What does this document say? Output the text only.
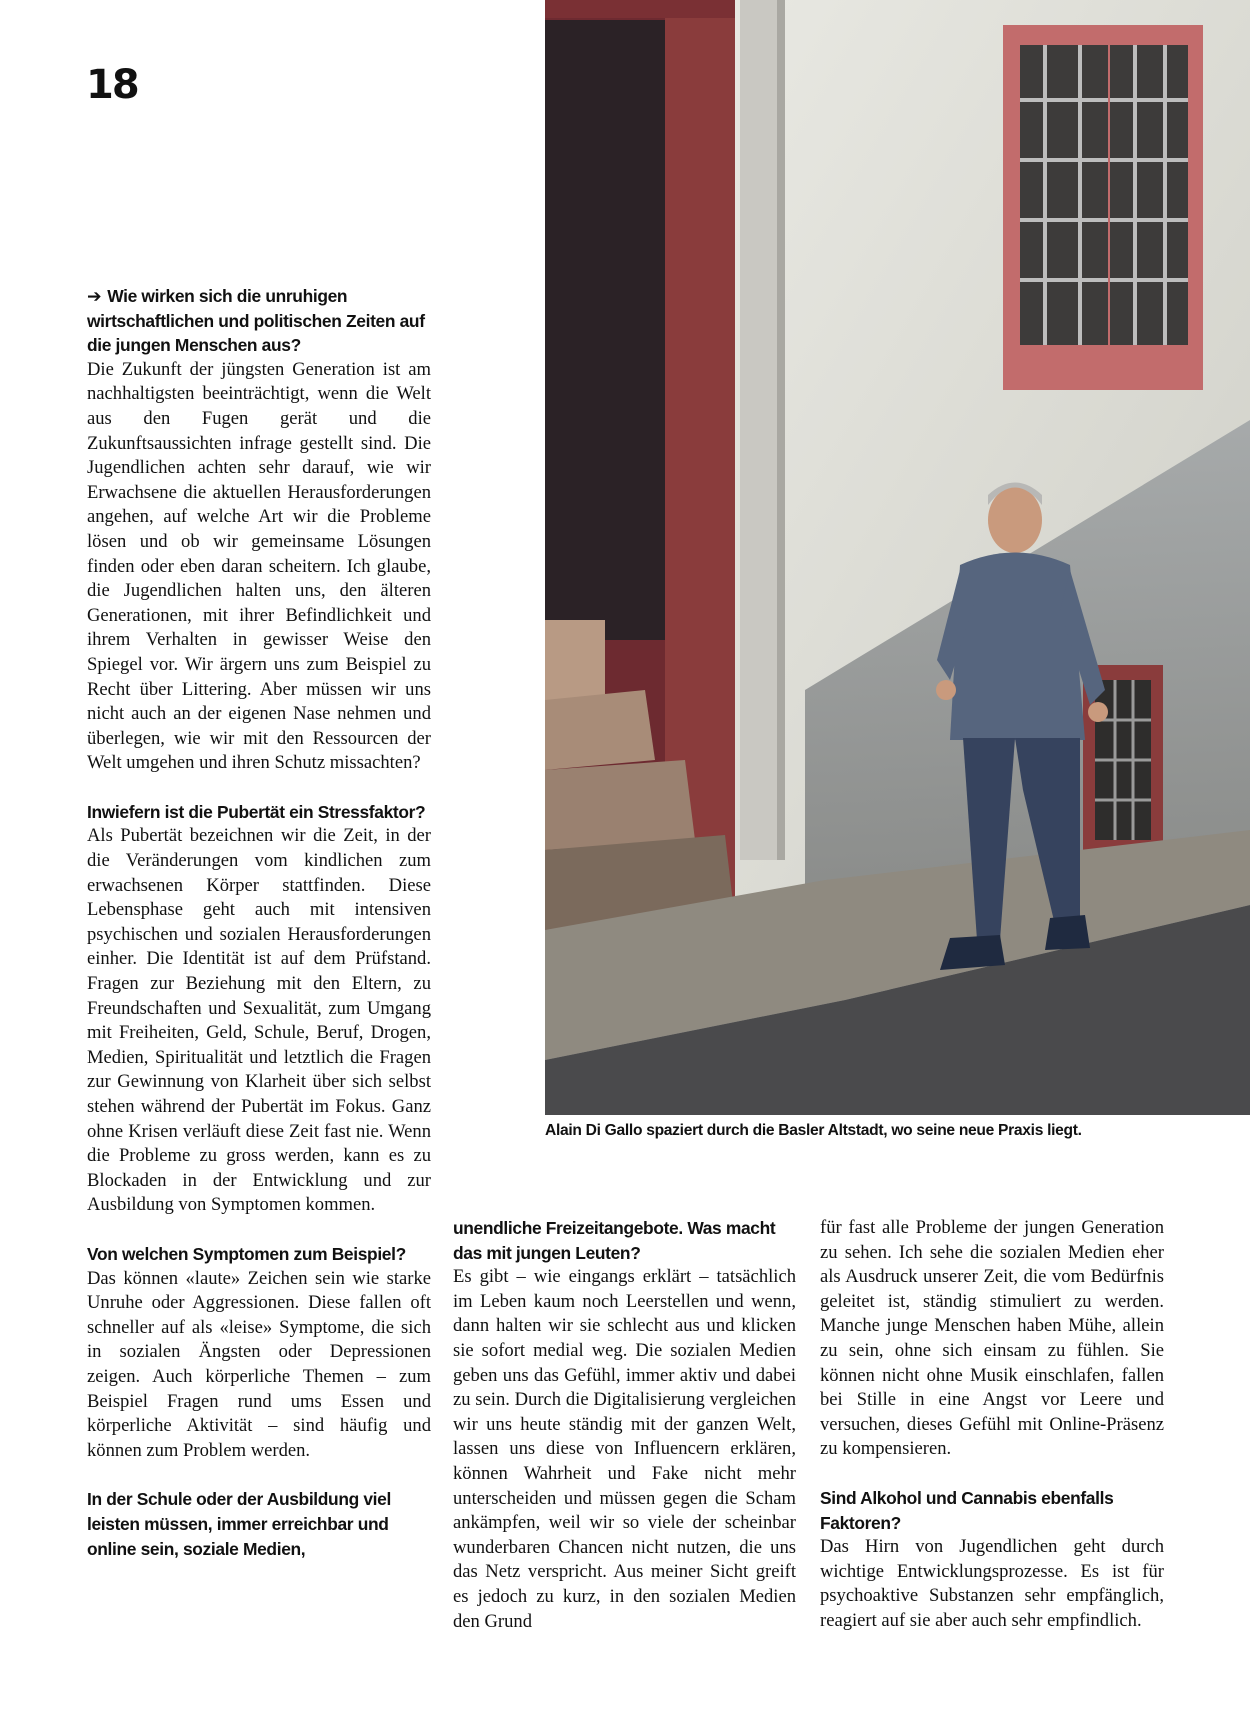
18
➔ Wie wirken sich die unruhigen wirtschaftlichen und politischen Zeiten auf die jungen Menschen aus?

Die Zukunft der jüngsten Generation ist am nachhaltigsten beeinträchtigt, wenn die Welt aus den Fugen gerät und die Zukunftsaussichten infrage gestellt sind. Die Jugendlichen achten sehr darauf, wie wir Erwachsene die aktuellen Herausforderungen angehen, auf welche Art wir die Probleme lösen und ob wir gemeinsame Lösungen finden oder eben daran scheitern. Ich glaube, die Jugendlichen halten uns, den älteren Generationen, mit ihrer Befindlichkeit und ihrem Verhalten in gewisser Weise den Spiegel vor. Wir ärgern uns zum Beispiel zu Recht über Littering. Aber müssen wir uns nicht auch an der eigenen Nase nehmen und überlegen, wie wir mit den Ressourcen der Welt umgehen und ihren Schutz missachten?

Inwiefern ist die Pubertät ein Stressfaktor?

Als Pubertät bezeichnen wir die Zeit, in der die Veränderungen vom kindlichen zum erwachsenen Körper stattfinden. Diese Lebensphase geht auch mit intensiven psychischen und sozialen Herausforderungen einher. Die Identität ist auf dem Prüfstand. Fragen zur Beziehung mit den Eltern, zu Freundschaften und Sexualität, zum Umgang mit Freiheiten, Geld, Schule, Beruf, Drogen, Medien, Spiritualität und letztlich die Fragen zur Gewinnung von Klarheit über sich selbst stehen während der Pubertät im Fokus. Ganz ohne Krisen verläuft diese Zeit fast nie. Wenn die Probleme zu gross werden, kann es zu Blockaden in der Entwicklung und zur Ausbildung von Symptomen kommen.

Von welchen Symptomen zum Beispiel?

Das können «laute» Zeichen sein wie starke Unruhe oder Aggressionen. Diese fallen oft schneller auf als «leise» Symptome, die sich in sozialen Ängsten oder Depressionen zeigen. Auch körperliche Themen – zum Beispiel Fragen rund ums Essen und körperliche Aktivität – sind häufig und können zum Problem werden.

In der Schule oder der Ausbildung viel leisten müssen, immer erreichbar und online sein, soziale Medien,
Alain Di Gallo spaziert durch die Basler Altstadt, wo seine neue Praxis liegt.
unendliche Freizeitangebote. Was macht das mit jungen Leuten?

Es gibt – wie eingangs erklärt – tatsächlich im Leben kaum noch Leerstellen und wenn, dann halten wir sie schlecht aus und klicken sie sofort medial weg. Die sozialen Medien geben uns das Gefühl, immer aktiv und dabei zu sein. Durch die Digitalisierung vergleichen wir uns heute ständig mit der ganzen Welt, lassen uns diese von Influencern erklären, können Wahrheit und Fake nicht mehr unterscheiden und müssen gegen die Scham ankämpfen, weil wir so viele der scheinbar wunderbaren Chancen nicht nutzen, die uns das Netz verspricht. Aus meiner Sicht greift es jedoch zu kurz, in den sozialen Medien den Grund

für fast alle Probleme der jungen Generation zu sehen. Ich sehe die sozialen Medien eher als Ausdruck unserer Zeit, die vom Bedürfnis geleitet ist, ständig stimuliert zu werden. Manche junge Menschen haben Mühe, allein zu sein, ohne sich einsam zu fühlen. Sie können nicht ohne Musik einschlafen, fallen bei Stille in eine Angst vor Leere und versuchen, dieses Gefühl mit Online-Präsenz zu kompensieren.

Sind Alkohol und Cannabis ebenfalls Faktoren?

Das Hirn von Jugendlichen geht durch wichtige Entwicklungsprozesse. Es ist für psychoaktive Substanzen sehr empfänglich, reagiert auf sie aber auch sehr empfindlich.
